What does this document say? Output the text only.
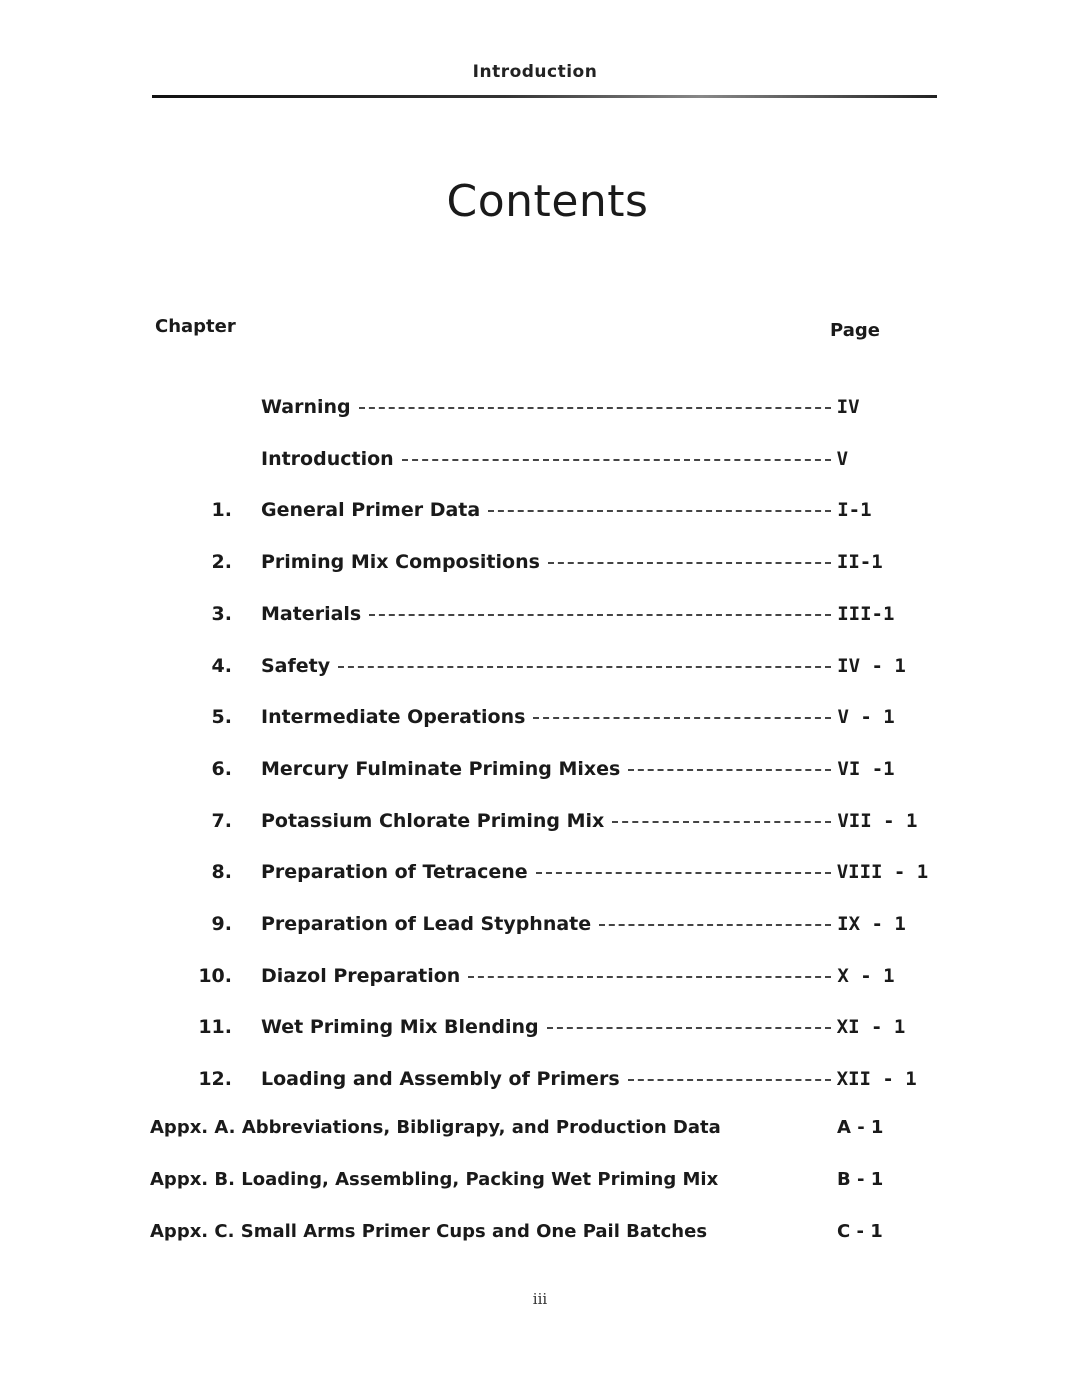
Introduction
Contents
Chapter	Page
Warning	IV
Introduction	V
1. General Primer Data	I-1
2. Priming Mix Compositions	II-1
3. Materials	III-1
4. Safety	IV - 1
5. Intermediate Operations	V - 1
6. Mercury Fulminate Priming Mixes	VI -1
7. Potassium Chlorate Priming Mix	VII - 1
8. Preparation of Tetracene	VIII - 1
9. Preparation of Lead Styphnate	IX - 1
10. Diazol Preparation	X - 1
11. Wet Priming Mix Blending	XI - 1
12. Loading and Assembly of Primers	XII - 1
Appx. A. Abbreviations, Bibligrapy, and Production Data	A - 1
Appx. B. Loading, Assembling, Packing Wet Priming Mix	B - 1
Appx. C. Small Arms Primer Cups and One Pail Batches	C - 1
iii
